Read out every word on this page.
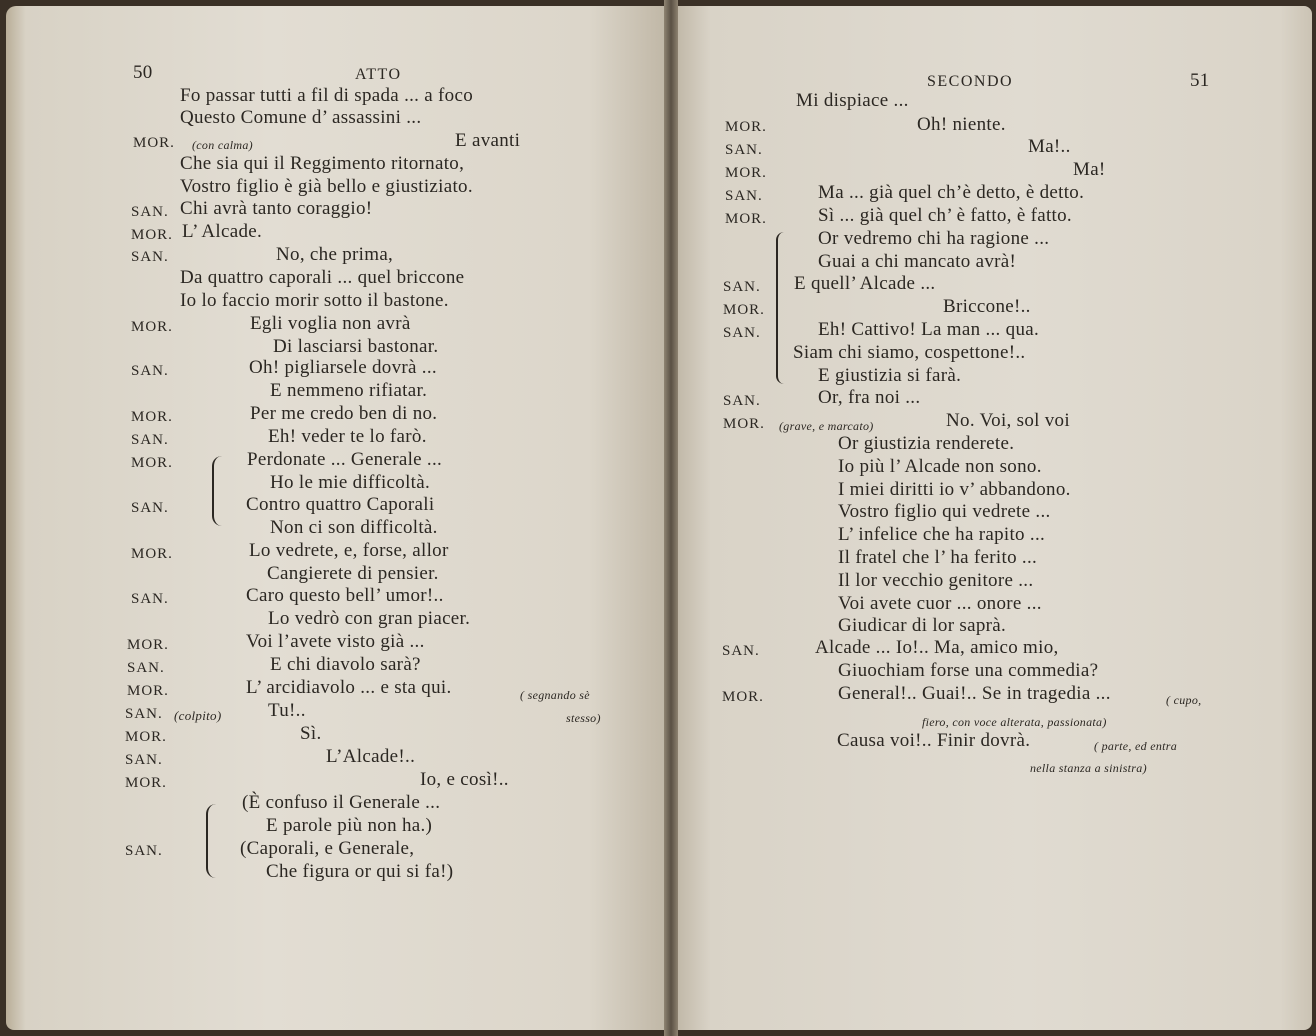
50	ATTO
Fo passar tutti a fil di spada ... a foco
Questo Comune d’ assassini ...
MOR. (con calma)	E avanti
Che sia qui il Reggimento ritornato,
Vostro figlio è già bello e giustiziato.
SAN. Chi avrà tanto coraggio!
MOR. L’ Alcade.
SAN.	No, che prima,
Da quattro caporali ... quel briccone
Io lo faccio morir sotto il bastone.
MOR.	Egli voglia non avrà
Di lasciarsi bastonar.
SAN.	Oh! pigliarsele dovrà ...
E nemmeno rifiatar.
MOR.	Per me credo ben di no.
SAN.	Eh! veder te lo farò.
MOR.	Perdonate ... Generale ...
Ho le mie difficoltà.
SAN.	Contro quattro Caporali
Non ci son difficoltà.
MOR.	Lo vedrete, e, forse, allor
Cangierete di pensier.
SAN.	Caro questo bell’ umor!..
Lo vedrò con gran piacer.
MOR.	Voi l’avete visto già ...
SAN.	E chi diavolo sarà?
MOR.	L’ arcidiavolo ... e sta qui.	( segnando sè
SAN. (colpito) Tu!..	stesso)
MOR.	Sì.
SAN.	L’Alcade!..
MOR.	Io, e così!..
(È confuso il Generale ...
E parole più non ha.)
SAN.	(Caporali, e Generale,
Che figura or qui si fa!)
SECONDO	51
Mi dispiace ...
MOR.	Oh! niente.
SAN.	Ma!..
MOR.	Ma!
SAN.	Ma ... già quel ch’è detto, è detto.
MOR.	Sì ... già quel ch’ è fatto, è fatto.
Or vedremo chi ha ragione ...
Guai a chi mancato avrà!
SAN. E quell’ Alcade ...
MOR.	Briccone!..
SAN.	Eh! Cattivo! La man ... qua.
Siam chi siamo, cospettone!..
E giustizia si farà.
SAN.	Or, fra noi ...
MOR. (grave, e marcato)	No. Voi, sol voi
Or giustizia renderete.
Io più l’ Alcade non sono.
I miei diritti io v’ abbandono.
Vostro figlio qui vedrete ...
L’ infelice che ha rapito ...
Il fratel che l’ ha ferito ...
Il lor vecchio genitore ...
Voi avete cuor ... onore ...
Giudicar di lor saprà.
SAN.	Alcade ... Io!.. Ma, amico mio,
Giuochiam forse una commedia?
MOR.	General!.. Guai!.. Se in tragedia ...	( cupo,
fiero, con voce alterata, passionata)
Causa voi!.. Finir dovrà.	( parte, ed entra
nella stanza a sinistra)
